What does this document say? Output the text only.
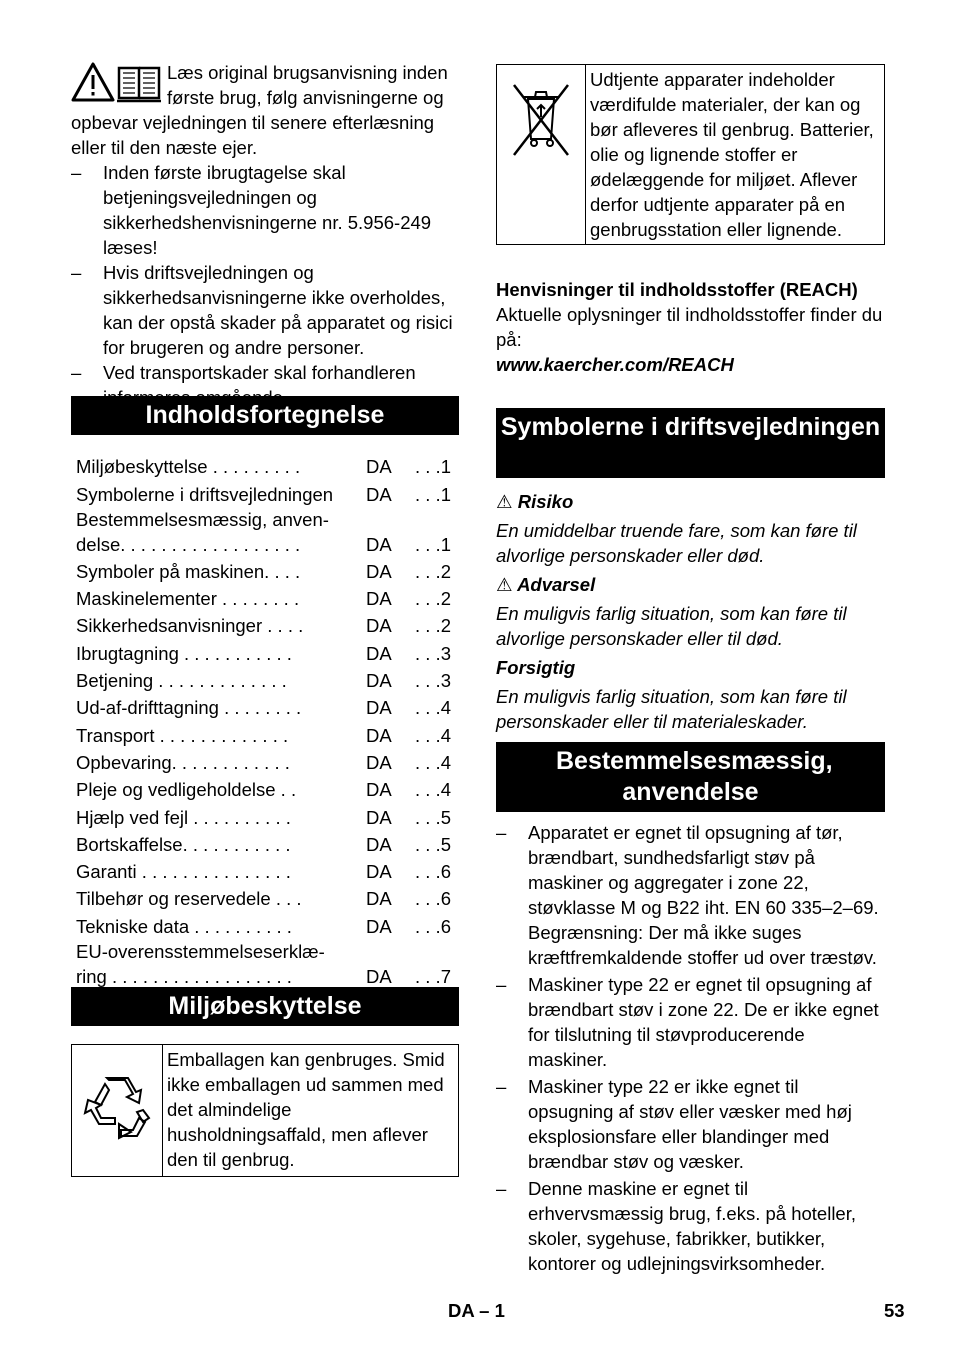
Læs original brugsanvisning inden første brug, følg anvisningerne og opbevar vejledningen til senere efterlæsning eller til den næste ejer.

– Inden første ibrugtagelse skal betjeningsvejledningen og sikkerhedshenvisningerne nr. 5.956-249 læses!
– Hvis driftsvejledningen og sikkerhedsanvisningerne ikke overholdes, kan der opstå skader på apparatet og risici for brugeren og andre personer.
– Ved transportskader skal forhandleren
Indholdsfortegnelse
Miljøbeskyttelse . . . . . . . . .	DA	. . .1
Symbolerne i driftsvejledningen	DA	. . .1
Bestemmelsesmæssig, anven-
delse. . . . . . . . . . . . . . . . . .	DA	. . .1
Symboler på maskinen. . . .	DA	. . .2
Maskinelementer . . . . . . . .	DA	. . .2
Sikkerhedsanvisninger . . . .	DA	. . .2
Ibrugtagning . . . . . . . . . . .	DA	. . .3
Betjening . . . . . . . . . . . . .	DA	. . .3
Ud-af-drifttagning . . . . . . . .	DA	. . .4
Transport . . . . . . . . . . . . .	DA	. . .4
Opbevaring. . . . . . . . . . . .	DA	. . .4
Pleje og vedligeholdelse . .	DA	. . .4
Hjælp ved fejl . . . . . . . . . .	DA	. . .5
Bortskaffelse. . . . . . . . . . .	DA	. . .5
Garanti . . . . . . . . . . . . . . .	DA	. . .6
Tilbehør og reservedele . . .	DA	. . .6
Tekniske data . . . . . . . . . .	DA	. . .6
EU-overensstemmelseserklæ-
ring . . . . . . . . . . . . . . . . . .	DA	. . .7
Miljøbeskyttelse
	Emballagen kan genbruges. Smid ikke emballagen ud sammen med det almindelige husholdningsaffald, men aflever den til genbrug.
	Udtjente apparater indeholder værdifulde materialer, der kan og bør afleveres til genbrug. Batterier, olie og lignende stoffer er ødelæggende for miljøet. Aflever derfor udtjente apparater på en genbrugsstation eller lignende.

Henvisninger til indholdsstoffer (REACH)

Aktuelle oplysninger til indholdsstoffer finder du på:

www.kaercher.com/REACH

Symbolerne i driftsvejledningen

⚠ Risiko

En umiddelbar truende fare, som kan føre til alvorlige personskader eller død.

⚠ Advarsel

En muligvis farlig situation, som kan føre til alvorlige personskader eller til død.

Forsigtig

En muligvis farlig situation, som kan føre til personskader eller til materialeskader.

Bestemmelsesmæssig, anvendelse
– Apparatet er egnet til opsugning af tør, brændbart, sundhedsfarligt støv på maskiner og aggregater i zone 22, støvklasse M og B22 iht. EN 60 335–2–69. Begrænsning: Der må ikke suges kræftfremkaldende stoffer ud over træstøv.
– Maskiner type 22 er egnet til opsugning af brændbart støv i zone 22. De er ikke egnet for tilslutning til støvproducerende maskiner.
– Maskiner type 22 er ikke egnet til opsugning af støv eller væsker med høj eksplosionsfare eller blandinger med brændbar støv og væsker.
– Denne maskine er egnet til erhvervsmæssig brug, f.eks. på hoteller, skoler, sygehuse, fabrikker, butikker, kontorer og udlejningsvirksomheder.
DA – 1	53
